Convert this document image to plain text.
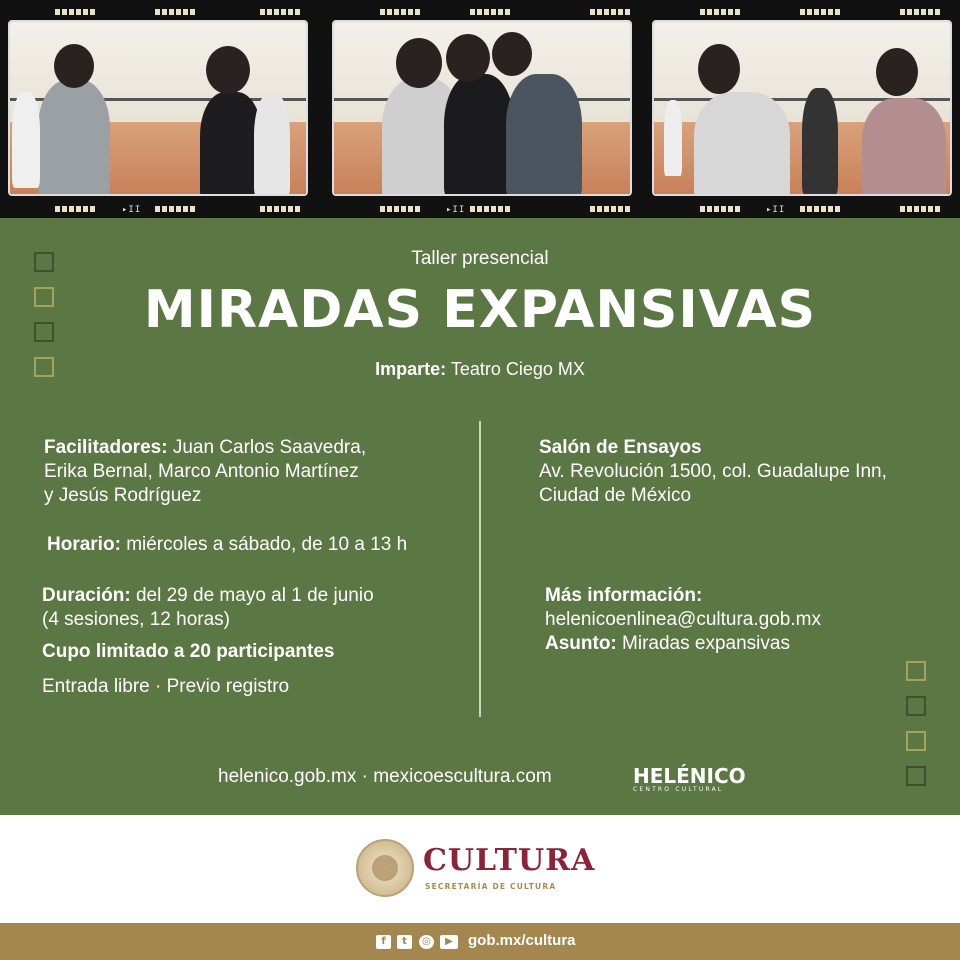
▸II	▸II	▸II
Taller presencial
MIRADAS EXPANSIVAS
Imparte: Teatro Ciego MX
Facilitadores: Juan Carlos Saavedra,
Erika Bernal, Marco Antonio Martínez
y Jesús Rodríguez
Horario: miércoles a sábado, de 10 a 13 h
Duración: del 29 de mayo al 1 de junio
(4 sesiones, 12 horas)
Cupo limitado a 20 participantes
Entrada libre · Previo registro
Salón de Ensayos
Av. Revolución 1500, col. Guadalupe Inn,
Ciudad de México
Más información:
helenicoenlinea@cultura.gob.mx
Asunto: Miradas expansivas
helenico.gob.mx · mexicoescultura.com	HELÉNICO
CENTRO CULTURAL
CULTURA
SECRETARÍA DE CULTURA
f	t	◎	▶	gob.mx/cultura
